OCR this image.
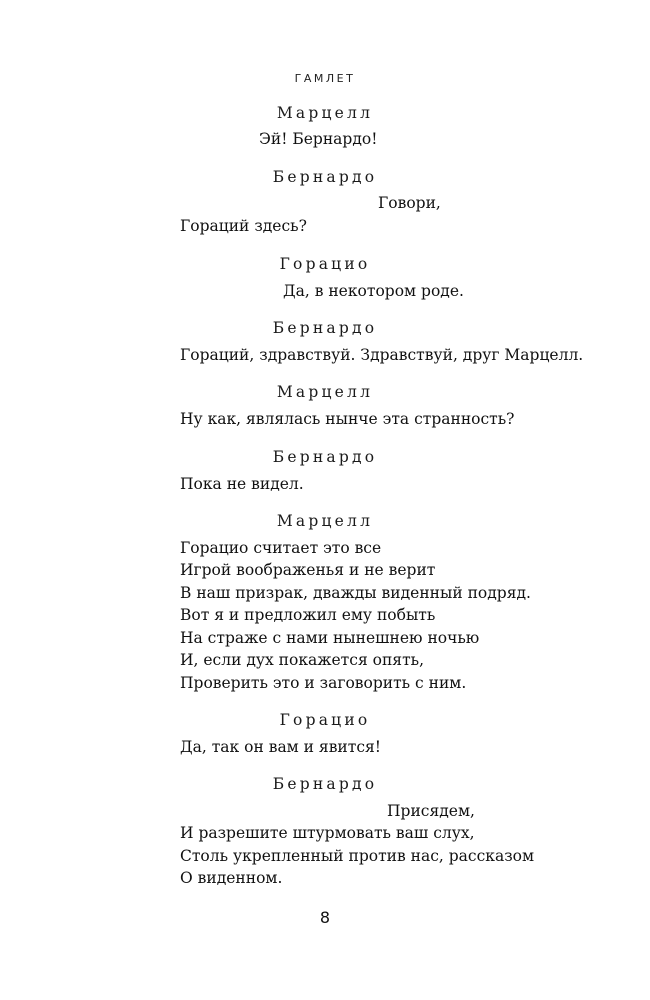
ГАМЛЕТ
Марцелл
Эй! Бернардо!
Бернардо
Говори,
Гораций здесь?
Горацио
Да, в некотором роде.
Бернардо
Гораций, здравствуй. Здравствуй, друг Марцелл.
Марцелл
Ну как, являлась нынче эта странность?
Бернардо
Пока не видел.
Марцелл
Горацио считает это все
Игрой воображенья и не верит
В наш призрак, дважды виденный подряд.
Вот я и предложил ему побыть
На страже с нами нынешнею ночью
И, если дух покажется опять,
Проверить это и заговорить с ним.
Горацио
Да, так он вам и явится!
Бернардо
Присядем,
И разрешите штурмовать ваш слух,
Столь укрепленный против нас, рассказом
О виденном.
8
